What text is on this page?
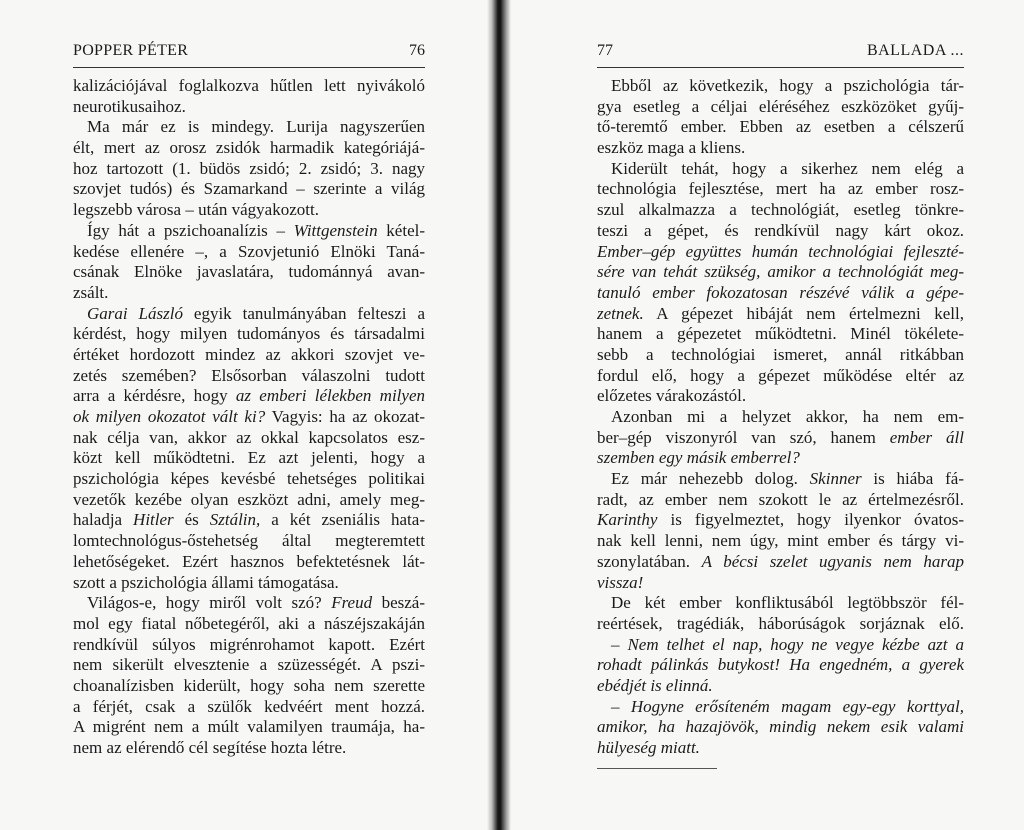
POPPER PÉTER	76
kalizációjával foglalkozva hűtlen lett nyivákoló
neurotikusaihoz.
Ma már ez is mindegy. Lurija nagyszerűen
élt, mert az orosz zsidók harmadik kategóriájá-
hoz tartozott (1. büdös zsidó; 2. zsidó; 3. nagy
szovjet tudós) és Szamarkand – szerinte a világ
legszebb városa – után vágyakozott.
Így hát a pszichoanalízis – Wittgenstein kétel-
kedése ellenére –, a Szovjetunió Elnöki Taná-
csának Elnöke javaslatára, tudománnyá avan-
zsált.
Garai László egyik tanulmányában felteszi a
kérdést, hogy milyen tudományos és társadalmi
értéket hordozott mindez az akkori szovjet ve-
zetés szemében? Elsősorban válaszolni tudott
arra a kérdésre, hogy az emberi lélekben milyen
ok milyen okozatot vált ki? Vagyis: ha az okozat-
nak célja van, akkor az okkal kapcsolatos esz-
közt kell működtetni. Ez azt jelenti, hogy a
pszichológia képes kevésbé tehetséges politikai
vezetők kezébe olyan eszközt adni, amely meg-
haladja Hitler és Sztálin, a két zseniális hata-
lomtechnológus-őstehetség által megteremtett
lehetőségeket. Ezért hasznos befektetésnek lát-
szott a pszichológia állami támogatása.
Világos-e, hogy miről volt szó? Freud beszá-
mol egy fiatal nőbetegéről, aki a nászéjszakáján
rendkívül súlyos migrénrohamot kapott. Ezért
nem sikerült elvesztenie a szüzességét. A pszi-
choanalízisben kiderült, hogy soha nem szerette
a férjét, csak a szülők kedvéért ment hozzá.
A migrént nem a múlt valamilyen traumája, ha-
nem az elérendő cél segítése hozta létre.
77	BALLADA ...
Ebből az következik, hogy a pszichológia tár-
gya esetleg a céljai eléréséhez eszközöket gyűj-
tő-teremtő ember. Ebben az esetben a célszerű
eszköz maga a kliens.
Kiderült tehát, hogy a sikerhez nem elég a
technológia fejlesztése, mert ha az ember rosz-
szul alkalmazza a technológiát, esetleg tönkre-
teszi a gépet, és rendkívül nagy kárt okoz.
Ember–gép együttes humán technológiai fejleszté-
sére van tehát szükség, amikor a technológiát meg-
tanuló ember fokozatosan részévé válik a gépe-
zetnek. A gépezet hibáját nem értelmezni kell,
hanem a gépezetet működtetni. Minél tökélete-
sebb a technológiai ismeret, annál ritkábban
fordul elő, hogy a gépezet működése eltér az
előzetes várakozástól.
Azonban mi a helyzet akkor, ha nem em-
ber–gép viszonyról van szó, hanem ember áll
szemben egy másik emberrel?
Ez már nehezebb dolog. Skinner is hiába fá-
radt, az ember nem szokott le az értelmezésről.
Karinthy is figyelmeztet, hogy ilyenkor óvatos-
nak kell lenni, nem úgy, mint ember és tárgy vi-
szonylatában. A bécsi szelet ugyanis nem harap
vissza!
De két ember konfliktusából legtöbbször fél-
reértések, tragédiák, háborúságok sorjáznak elő.
– Nem telhet el nap, hogy ne vegye kézbe azt a
rohadt pálinkás butykost! Ha engedném, a gyerek
ebédjét is elinná.
– Hogyne erősíteném magam egy-egy korttyal,
amikor, ha hazajövök, mindig nekem esik valami
hülyeség miatt.
